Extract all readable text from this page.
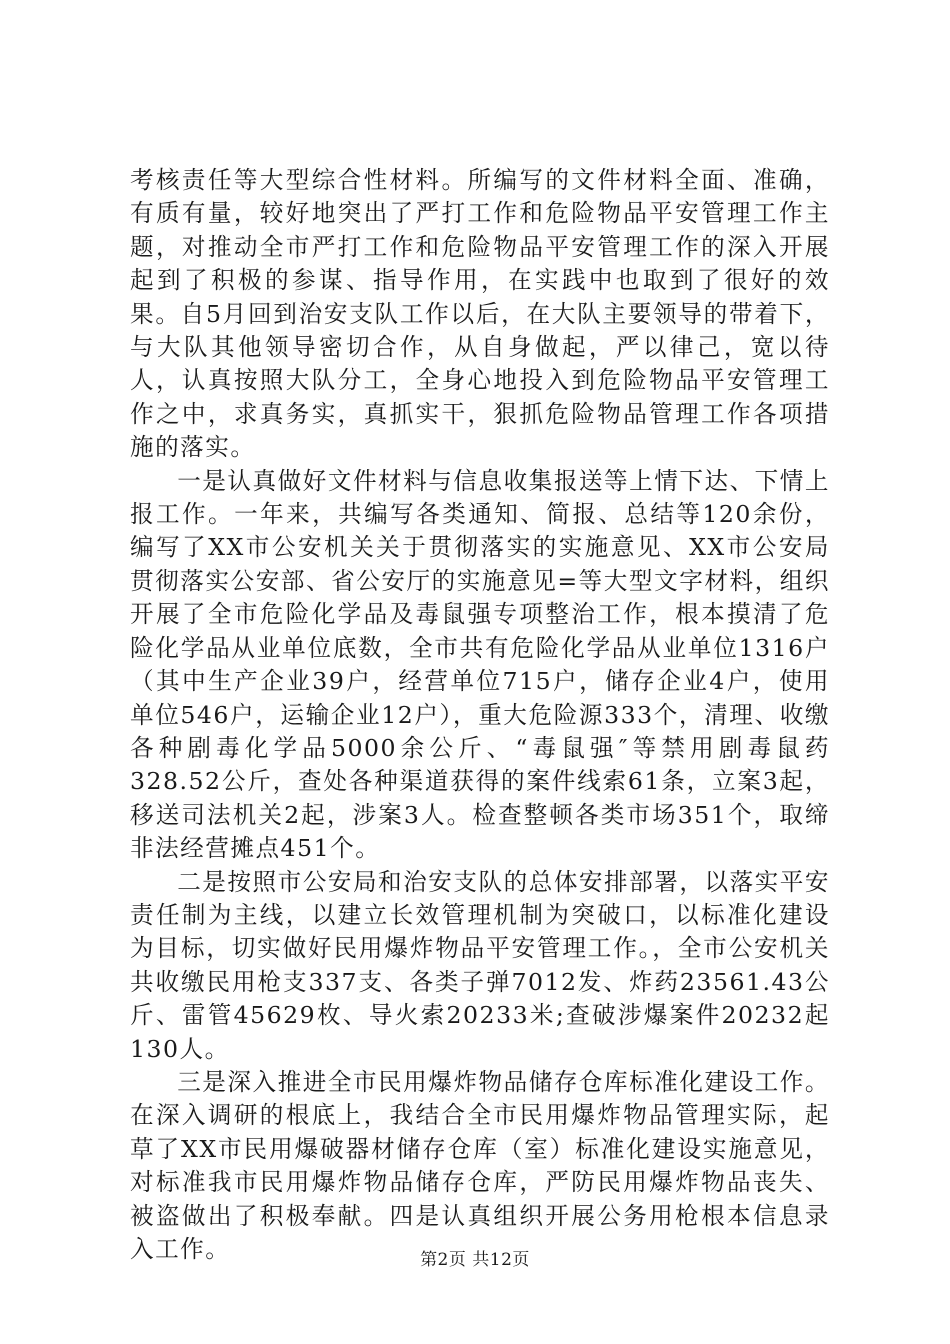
考核责任等大型综合性材料。所编写的文件材料全面、准确，有质有量，较好地突出了严打工作和危险物品平安管理工作主题，对推动全市严打工作和危险物品平安管理工作的深入开展起到了积极的参谋、指导作用，在实践中也取到了很好的效果。自5月回到治安支队工作以后，在大队主要领导的带着下，与大队其他领导密切合作，从自身做起，严以律己，宽以待人，认真按照大队分工，全身心地投入到危险物品平安管理工作之中，求真务实，真抓实干，狠抓危险物品管理工作各项措施的落实。

一是认真做好文件材料与信息收集报送等上情下达、下情上报工作。一年来，共编写各类通知、简报、总结等120余份，编写了XX市公安机关关于贯彻落实的实施意见、XX市公安局贯彻落实公安部、省公安厅的实施意见=等大型文字材料，组织开展了全市危险化学品及毒鼠强专项整治工作，根本摸清了危险化学品从业单位底数，全市共有危险化学品从业单位1316户（其中生产企业39户，经营单位715户，储存企业4户，使用单位546户，运输企业12户），重大危险源333个，清理、收缴各种剧毒化学品5000余公斤、“毒鼠强″等禁用剧毒鼠药328.52公斤，查处各种渠道获得的案件线索61条，立案3起，移送司法机关2起，涉案3人。检查整顿各类市场351个，取缔非法经营摊点451个。

二是按照市公安局和治安支队的总体安排部署，以落实平安责任制为主线，以建立长效管理机制为突破口，以标准化建设为目标，切实做好民用爆炸物品平安管理工作。，全市公安机关共收缴民用枪支337支、各类子弹7012发、炸药23561.43公斤、雷管45629枚、导火索20233米;查破涉爆案件20232起130人。

三是深入推进全市民用爆炸物品储存仓库标准化建设工作。在深入调研的根底上，我结合全市民用爆炸物品管理实际，起草了XX市民用爆破器材储存仓库（室）标准化建设实施意见，对标准我市民用爆炸物品储存仓库，严防民用爆炸物品丧失、被盗做出了积极奉献。四是认真组织开展公务用枪根本信息录入工作。	第2页 共12页
